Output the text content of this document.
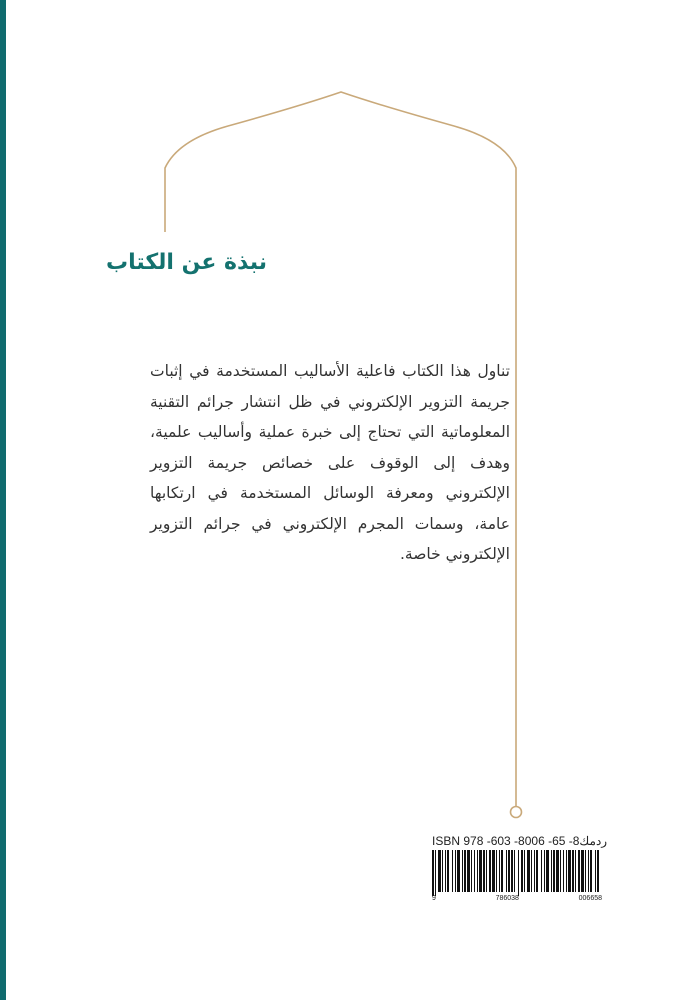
نبذة عن الكتاب

تناول هذا الكتاب فاعلية الأساليب المستخدمة في إثبات جريمة التزوير الإلكتروني في ظل انتشار جرائم التقنية المعلوماتية التي تحتاج إلى خبرة عملية وأساليب علمية، وهدف إلى الوقوف على خصائص جريمة التزوير الإلكتروني ومعرفة الوسائل المستخدمة في ارتكابها عامة، وسمات المجرم الإلكتروني في جرائم التزوير الإلكتروني خاصة.

ISBN 978 -603 -8006 -65 -8 ردمك
9	786038	006658
